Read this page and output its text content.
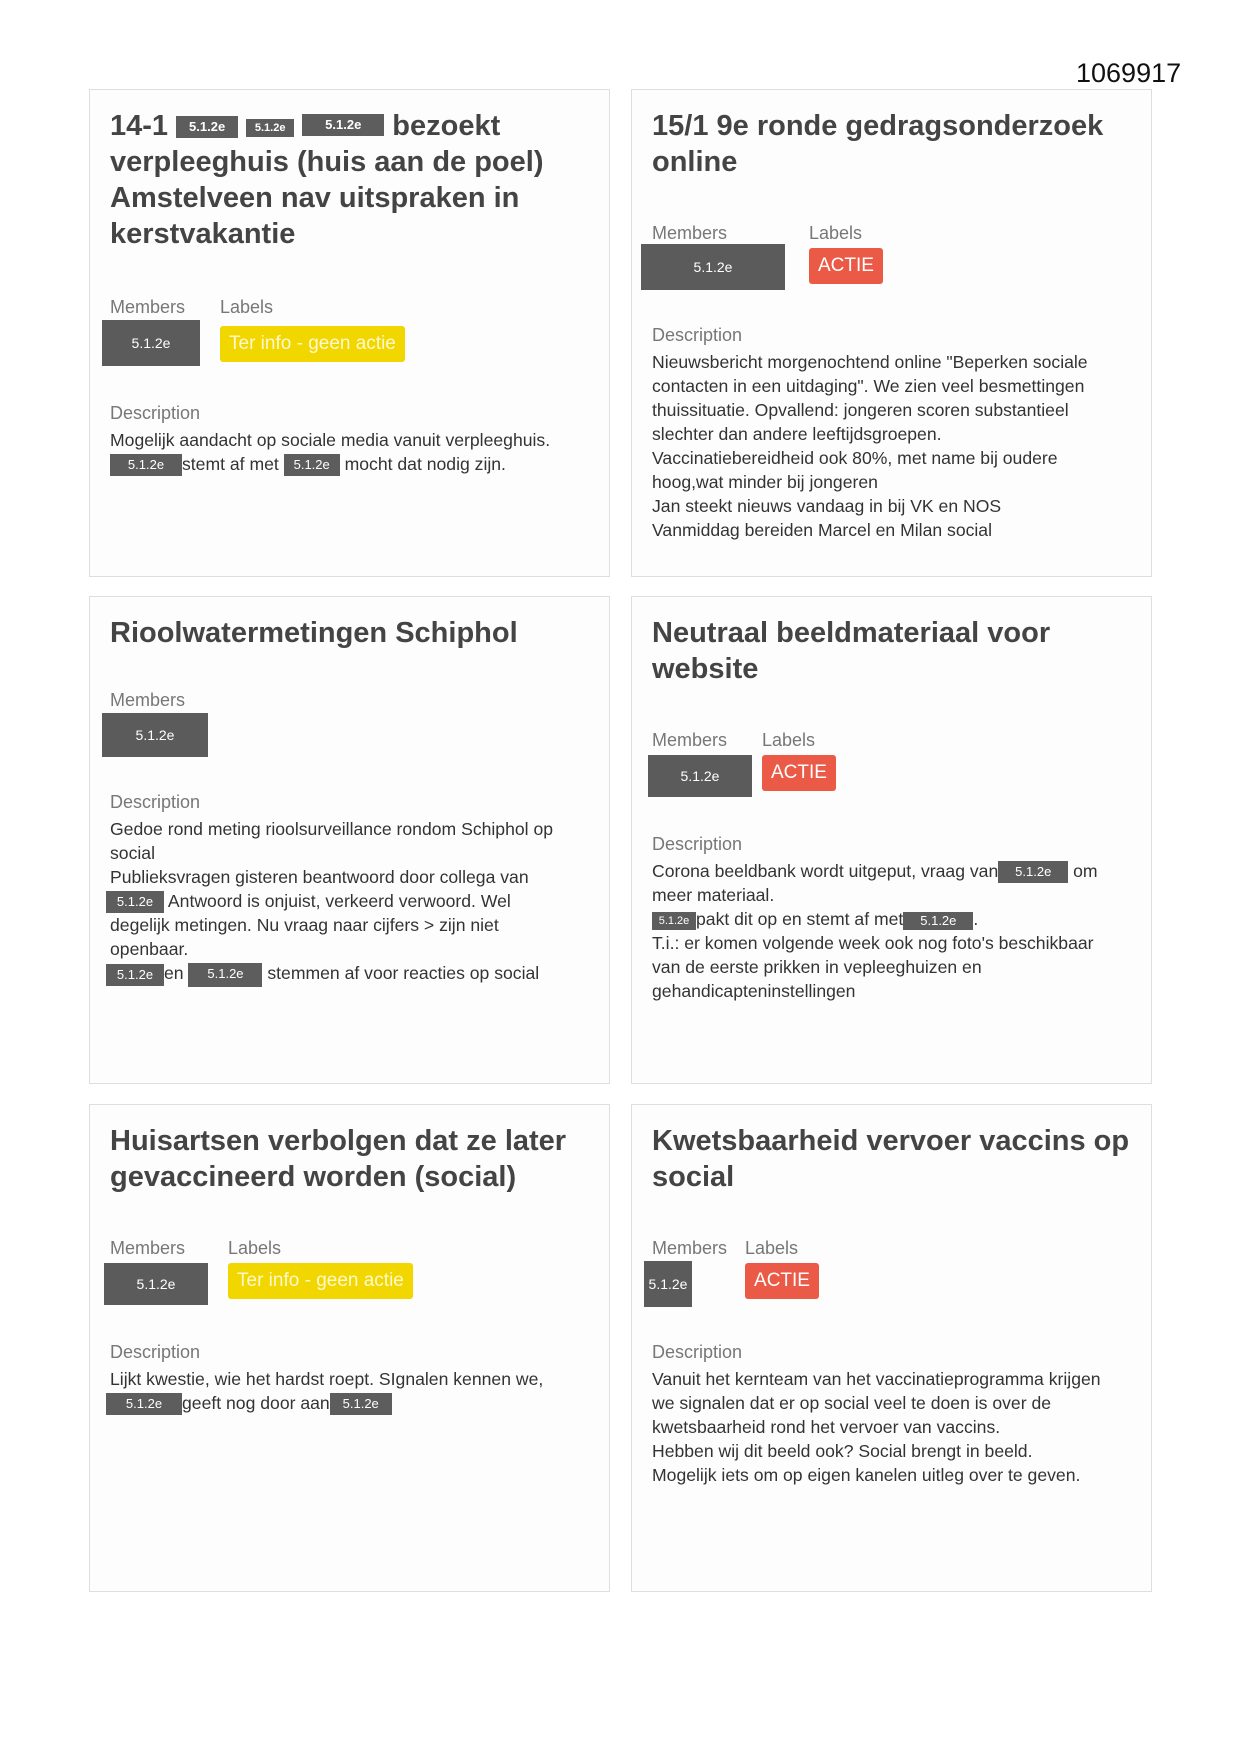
1069917
14-1 5.1.2e	5.1.2e	5.1.2e bezoekt verpleeghuis (huis aan de poel) Amstelveen nav uitspraken in kerstvakantie
Members
5.1.2e
Labels
Ter info - geen actie
Description

Mogelijk aandacht op sociale media vanuit verpleeghuis.

5.1.2e stemt af met 5.1.2e mocht dat nodig zijn.

15/1 9e ronde gedragsonderzoek online
Members
5.1.2e
Labels
ACTIE
Description

Nieuwsbericht morgenochtend online "Beperken sociale

contacten in een uitdaging". We zien veel besmettingen

thuissituatie. Opvallend: jongeren scoren substantieel

slechter dan andere leeftijdsgroepen.

Vaccinatiebereidheid ook 80%, met name bij oudere

hoog,wat minder bij jongeren

Jan steekt nieuws vandaag in bij VK en NOS

Vanmiddag bereiden Marcel en Milan social

Rioolwatermetingen Schiphol
Members
5.1.2e
Description

Gedoe rond meting rioolsurveillance rondom Schiphol op

social

Publieksvragen gisteren beantwoord door collega van

5.1.2e Antwoord is onjuist, verkeerd verwoord. Wel

degelijk metingen. Nu vraag naar cijfers > zijn niet

openbaar.

5.1.2e en 5.1.2e stemmen af voor reacties op social

Neutraal beeldmateriaal voor website
Members
5.1.2e
Labels
ACTIE
Description

Corona beeldbank wordt uitgeput, vraag van 5.1.2e om

meer materiaal.

5.1.2e pakt dit op en stemt af met 5.1.2e .

T.i.: er komen volgende week ook nog foto's beschikbaar

van de eerste prikken in vepleeghuizen en

gehandicapteninstellingen

Huisartsen verbolgen dat ze later gevaccineerd worden (social)
Members
5.1.2e
Labels
Ter info - geen actie
Description

Lijkt kwestie, wie het hardst roept. SIgnalen kennen we,

5.1.2e geeft nog door aan 5.1.2e

Kwetsbaarheid vervoer vaccins op social
Members
5.1.2e
Labels
ACTIE
Description

Vanuit het kernteam van het vaccinatieprogramma krijgen

we signalen dat er op social veel te doen is over de

kwetsbaarheid rond het vervoer van vaccins.

Hebben wij dit beeld ook? Social brengt in beeld.

Mogelijk iets om op eigen kanelen uitleg over te geven.
